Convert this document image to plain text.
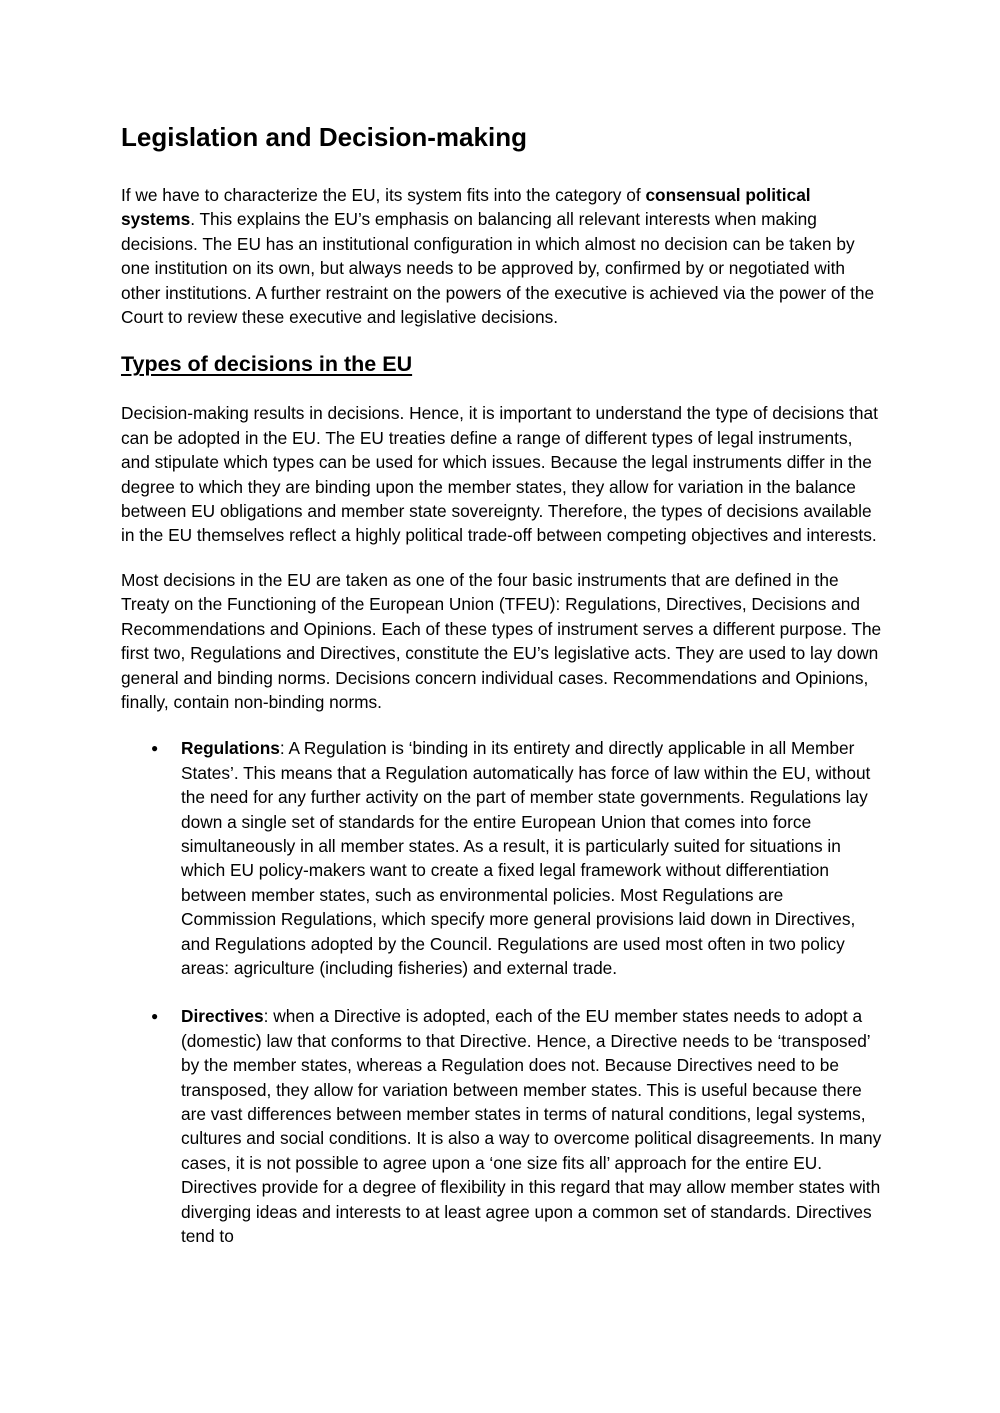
Legislation and Decision-making

If we have to characterize the EU, its system fits into the category of consensual political systems. This explains the EU’s emphasis on balancing all relevant interests when making decisions. The EU has an institutional configuration in which almost no decision can be taken by one institution on its own, but always needs to be approved by, confirmed by or negotiated with other institutions. A further restraint on the powers of the executive is achieved via the power of the Court to review these executive and legislative decisions.

Types of decisions in the EU

Decision-making results in decisions. Hence, it is important to understand the type of decisions that can be adopted in the EU. The EU treaties define a range of different types of legal instruments, and stipulate which types can be used for which issues. Because the legal instruments differ in the degree to which they are binding upon the member states, they allow for variation in the balance between EU obligations and member state sovereignty. Therefore, the types of decisions available in the EU themselves reflect a highly political trade-off between competing objectives and interests.

Most decisions in the EU are taken as one of the four basic instruments that are defined in the Treaty on the Functioning of the European Union (TFEU): Regulations, Directives, Decisions and Recommendations and Opinions. Each of these types of instrument serves a different purpose. The first two, Regulations and Directives, constitute the EU’s legislative acts. They are used to lay down general and binding norms. Decisions concern individual cases. Recommendations and Opinions, finally, contain non-binding norms.

● Regulations: A Regulation is ‘binding in its entirety and directly applicable in all Member States’. This means that a Regulation automatically has force of law within the EU, without the need for any further activity on the part of member state governments. Regulations lay down a single set of standards for the entire European Union that comes into force simultaneously in all member states. As a result, it is particularly suited for situations in which EU policy-makers want to create a fixed legal framework without differentiation between member states, such as environmental policies. Most Regulations are Commission Regulations, which specify more general provisions laid down in Directives, and Regulations adopted by the Council. Regulations are used most often in two policy areas: agriculture (including fisheries) and external trade.
● Directives: when a Directive is adopted, each of the EU member states needs to adopt a (domestic) law that conforms to that Directive. Hence, a Directive needs to be ‘transposed’ by the member states, whereas a Regulation does not. Because Directives need to be transposed, they allow for variation between member states. This is useful because there are vast differences between member states in terms of natural conditions, legal systems, cultures and social conditions. It is also a way to overcome political disagreements. In many cases, it is not possible to agree upon a ‘one size fits all’ approach for the entire EU. Directives provide for a degree of flexibility in this regard that may allow member states with diverging ideas and interests to at least agree upon a common set of standards. Directives tend to
